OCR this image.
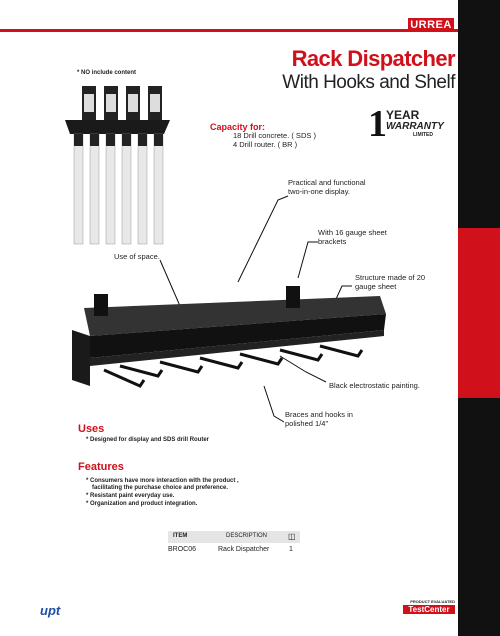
URREA
Rack Dispatcher
With Hooks and Shelf
1 YEAR
WARRANTY
LIMITED
* NO include content
Capacity for:
18 Drill concrete. ( SDS )
4 Drill router. ( BR )
Practical and functional
two-in-one display.
With 16 gauge sheet
brackets
Use of space.
Structure made of 20
gauge sheet
Black electrostatic painting.
Braces and hooks in
polished 1/4"
Uses
* Designed for display and SDS drill Router
Features
* Consumers have more interaction with the product ,
facilitating the purchase choice and preference.
* Resistant paint everyday use.
* Organization and product integration.
ITEM	DESCRIPTION	◫
BROC06	Rack Dispatcher	1
upt
PRODUCT EVALUATED
TestCenter
